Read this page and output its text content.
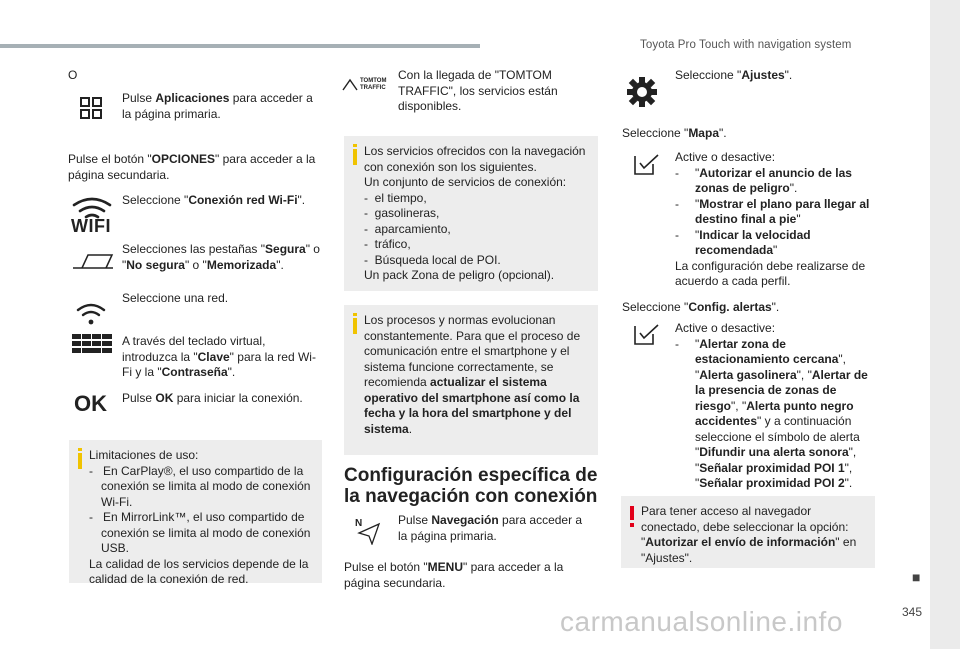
Toyota Pro Touch with navigation system
■
345
carmanualsonline.info
O
Pulse Aplicaciones para acceder a la página primaria.
Pulse el botón "OPCIONES" para acceder a la página secundaria.
WIFI
Seleccione "Conexión red Wi-Fi".
Selecciones las pestañas "Segura" o "No segura" o "Memorizada".
Seleccione una red.
A través del teclado virtual, introduzca la "Clave" para la red Wi-Fi y la "Contraseña".
OK Pulse OK para iniciar la conexión.
Limitaciones de uso:
-   En CarPlay®, el uso compartido de la conexión se limita al modo de conexión Wi-Fi.
-   En MirrorLink™, el uso compartido de conexión se limita al modo de conexión USB.
La calidad de los servicios depende de la calidad de la conexión de red.
TOMTOM TRAFFIC
Con la llegada de "TOMTOM TRAFFIC", los servicios están disponibles.
Los servicios ofrecidos con la navegación con conexión son los siguientes.
Un conjunto de servicios de conexión:
-  el tiempo,
-  gasolineras,
-  aparcamiento,
-  tráfico,
-  Búsqueda local de POI.
Un pack Zona de peligro (opcional).
Los procesos y normas evolucionan constantemente. Para que el proceso de comunicación entre el smartphone y el sistema funcione correctamente, se recomienda actualizar el sistema operativo del smartphone así como la fecha y la hora del smartphone y del sistema.
Configuración específica de la navegación con conexión
N	Pulse Navegación para acceder a la página primaria.
Pulse el botón "MENU" para acceder a la página secundaria.
Seleccione "Ajustes".
Seleccione "Mapa".
Active o desactive:
- "Autorizar el anuncio de las zonas de peligro".
- "Mostrar el plano para llegar al destino final a pie"
- "Indicar la velocidad recomendada"
La configuración debe realizarse de acuerdo a cada perfil.
Seleccione "Config. alertas".
Active o desactive:
- "Alertar zona de estacionamiento cercana", "Alerta gasolinera", "Alertar de la presencia de zonas de riesgo", "Alerta punto negro accidentes" y a continuación seleccione el símbolo de alerta "Difundir una alerta sonora", "Señalar proximidad POI 1", "Señalar proximidad POI 2".
Para tener acceso al navegador conectado, debe seleccionar la opción: "Autorizar el envío de información" en "Ajustes".
